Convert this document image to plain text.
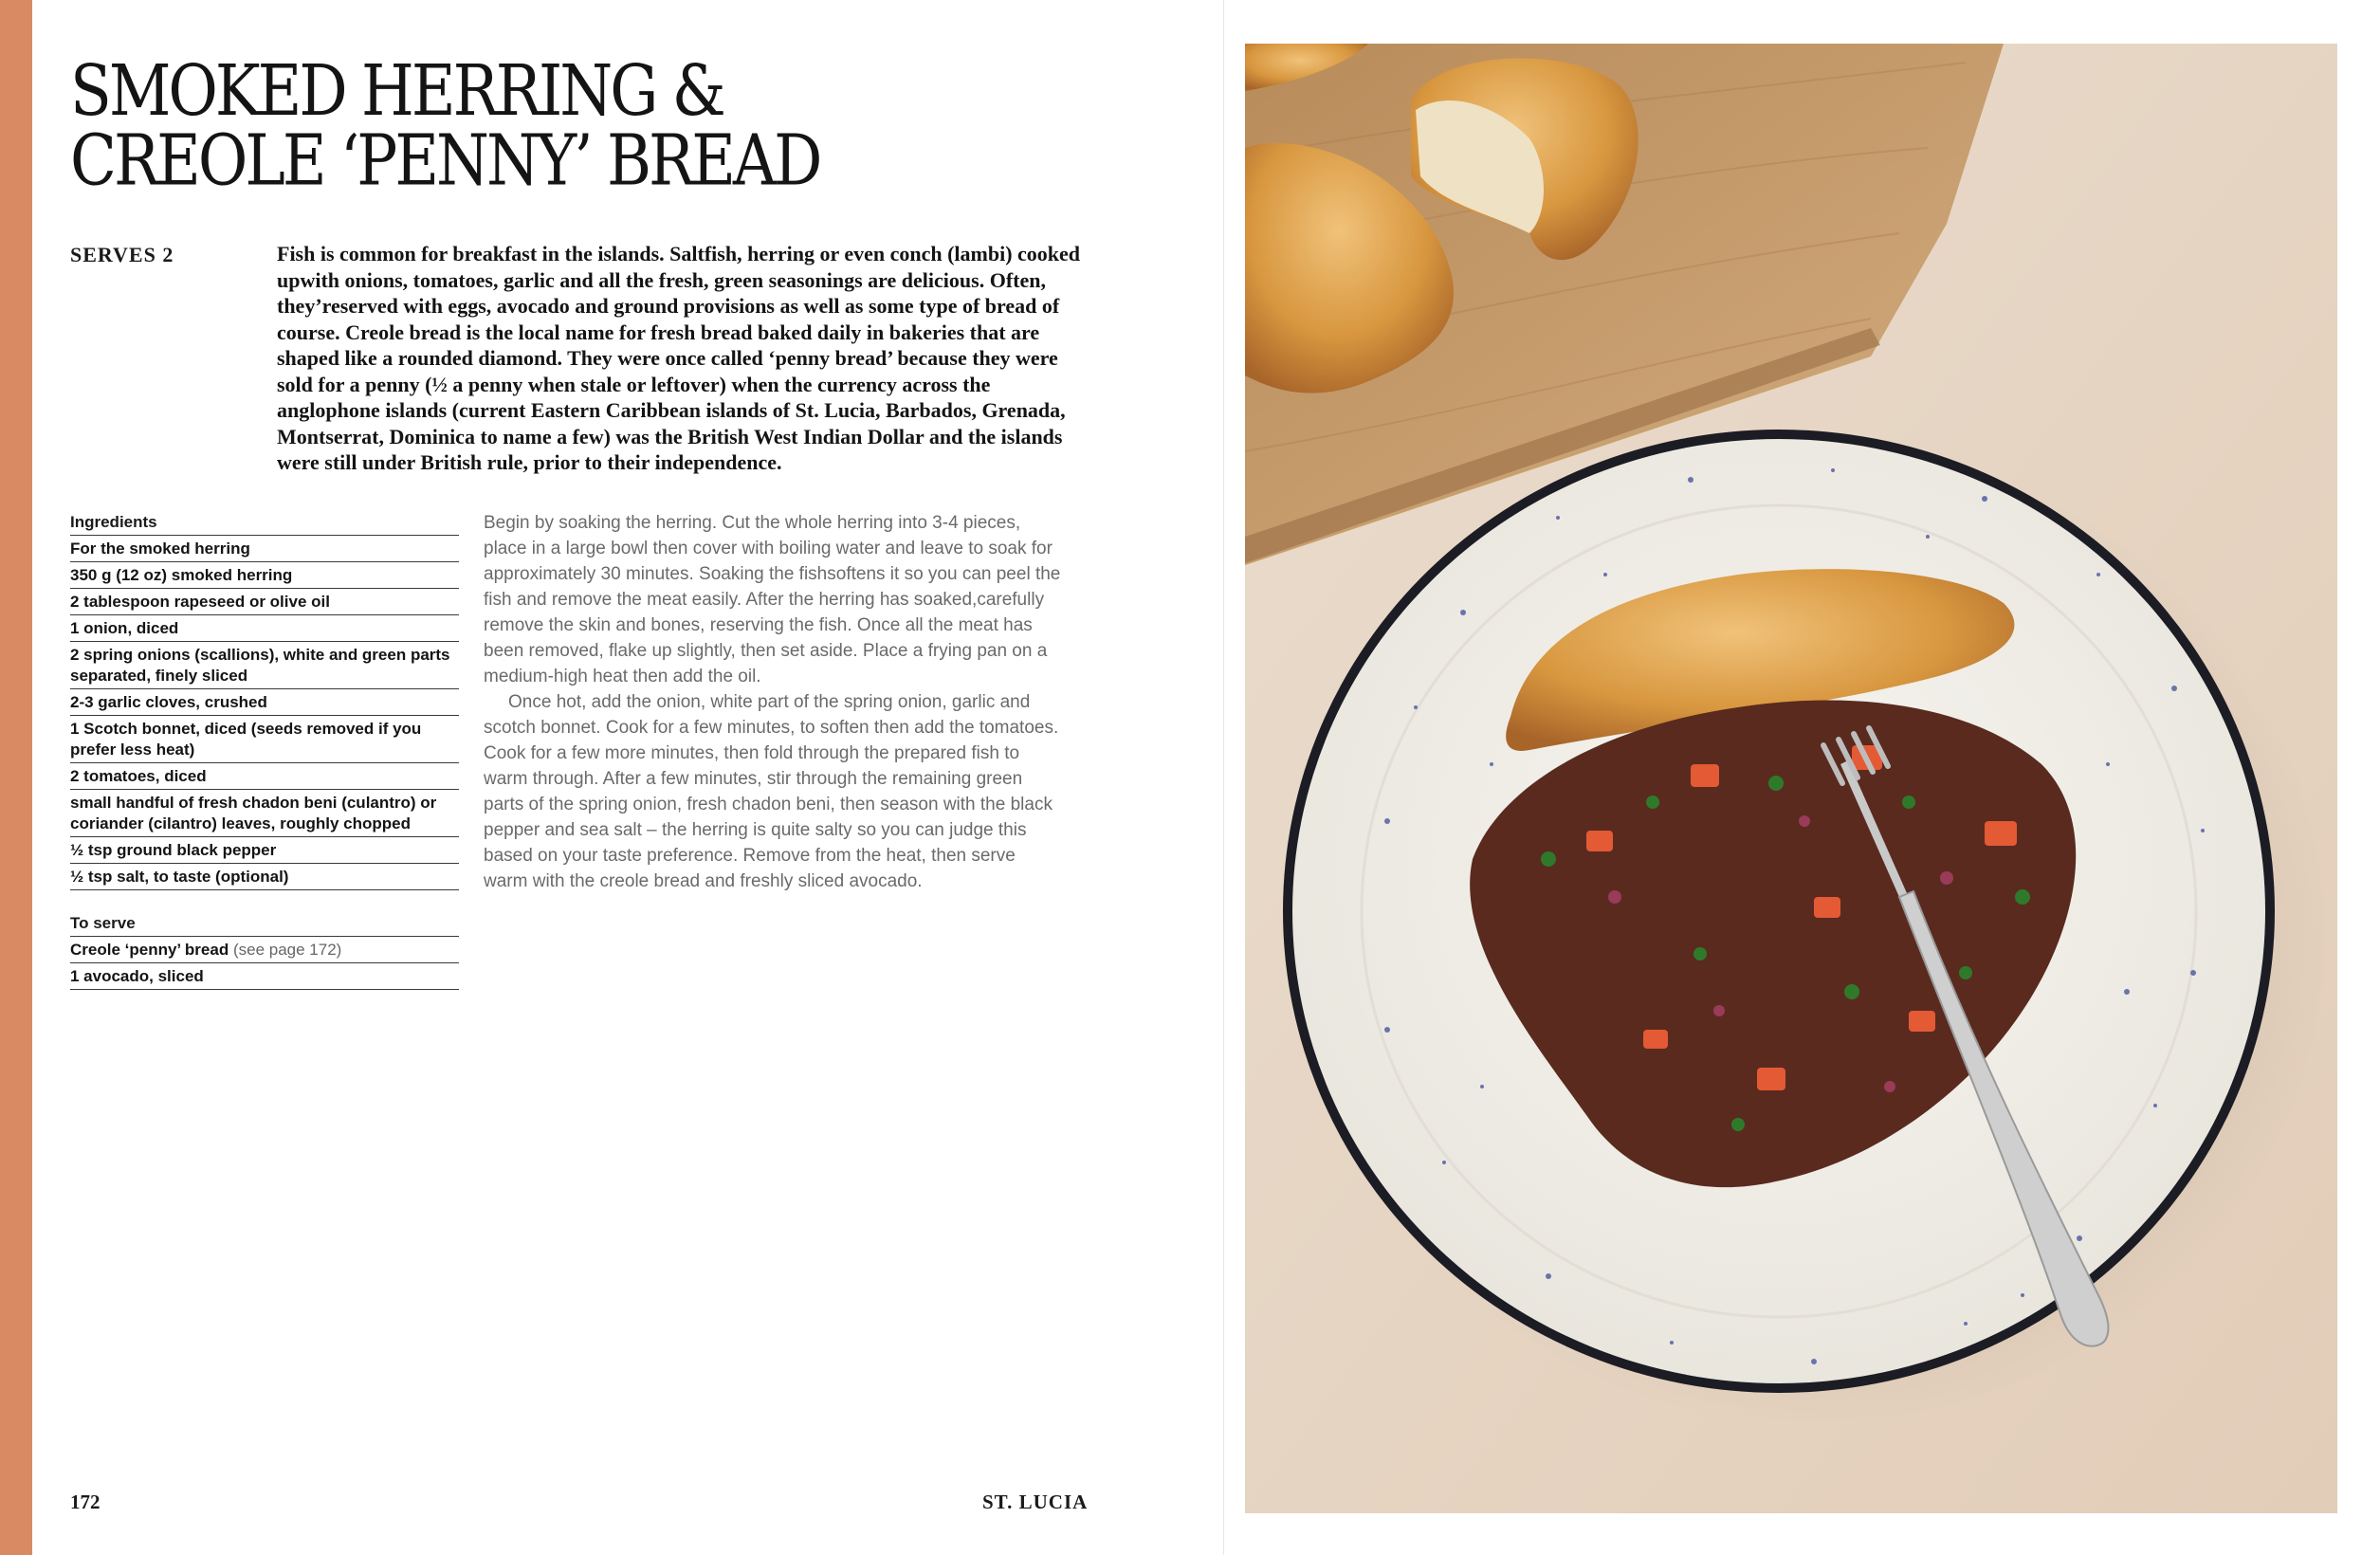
SMOKED HERRING &
CREOLE ‘PENNY’ BREAD
SERVES 2	Fish is common for breakfast in the islands. Saltfish, herring or even conch (lambi) cooked upwith onions, tomatoes, garlic and all the fresh, green seasonings are delicious. Often, they’reserved with eggs, avocado and ground provisions as well as some type of bread of course. Creole bread is the local name for fresh bread baked daily in bakeries that are shaped like a rounded diamond. They were once called ‘penny bread’ because they were sold for a penny (½ a penny when stale or leftover) when the currency across the anglophone islands (current Eastern Caribbean islands of St. Lucia, Barbados, Grenada, Montserrat, Dominica to name a few) was the British West Indian Dollar and the islands were still under British rule, prior to their independence.

Ingredients
For the smoked herring
350 g (12 oz) smoked herring
2 tablespoon rapeseed or olive oil
1 onion, diced
2 spring onions (scallions), white and green parts separated, finely sliced
2-3 garlic cloves, crushed
1 Scotch bonnet, diced (seeds removed if you prefer less heat)
2 tomatoes, diced
small handful of fresh chadon beni (culantro) or coriander (cilantro) leaves, roughly chopped
½ tsp ground black pepper
½ tsp salt, to taste (optional)
To serve
Creole ‘penny’ bread (see page 172)
1 avocado, sliced

Begin by soaking the herring. Cut the whole herring into 3-4 pieces, place in a large bowl then cover with boiling water and leave to soak for approximately 30 minutes. Soaking the fishsoftens it so you can peel the fish and remove the meat easily. After the herring has soaked,carefully remove the skin and bones, reserving the fish. Once all the meat has been removed, flake up slightly, then set aside. Place a frying pan on a medium-high heat then add the oil.

Once hot, add the onion, white part of the spring onion, garlic and scotch bonnet. Cook for a few minutes, to soften then add the tomatoes. Cook for a few more minutes, then fold through the prepared fish to warm through. After a few minutes, stir through the remaining green parts of the spring onion, fresh chadon beni, then season with the black pepper and sea salt – the herring is quite salty so you can judge this based on your taste preference. Remove from the heat, then serve warm with the creole bread and freshly sliced avocado.

172	ST. LUCIA
